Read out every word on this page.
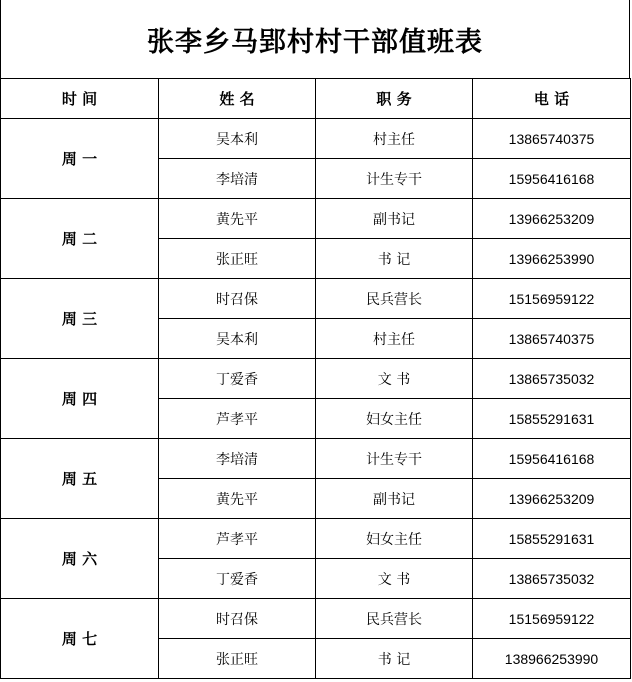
张李乡马郢村村干部值班表
时 间	姓 名	职 务	电 话
周 一	吴本利	村主任	13865740375
	李培清	计生专干	15956416168
周 二	黄先平	副书记	13966253209
	张正旺	书 记	13966253990
周 三	时召保	民兵营长	15156959122
	吴本利	村主任	13865740375
周 四	丁爱香	文 书	13865735032
	芦孝平	妇女主任	15855291631
周 五	李培清	计生专干	15956416168
	黄先平	副书记	13966253209
周 六	芦孝平	妇女主任	15855291631
	丁爱香	文 书	13865735032
周 七	时召保	民兵营长	15156959122
	张正旺	书 记	138966253990
